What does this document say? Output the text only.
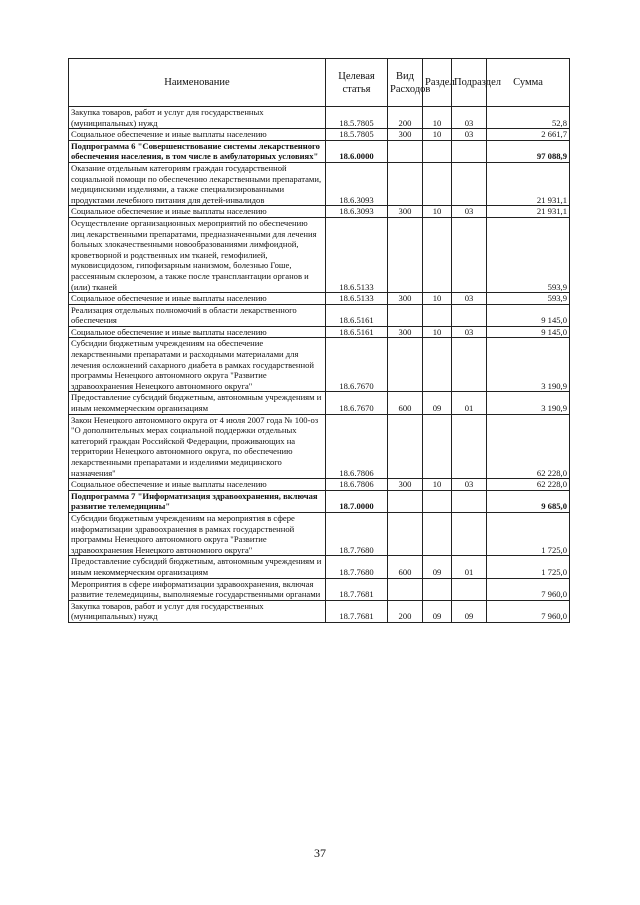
Наименование	Целевая статья	Вид Расходов	Раздел	Подраздел	Сумма
Закупка товаров, работ и услуг для государственных (муниципальных) нужд	18.5.7805	200	10	03	52,8
Социальное обеспечение и иные выплаты населению	18.5.7805	300	10	03	2 661,7
Подпрограмма 6 "Совершенствование системы лекарственного обеспечения населения, в том числе в амбулаторных условиях"	18.6.0000				97 088,9
Оказание отдельным категориям граждан государственной социальной помощи по обеспечению лекарственными препаратами, медицинскими изделиями, а также специализированными продуктами лечебного питания для детей-инвалидов	18.6.3093				21 931,1
Социальное обеспечение и иные выплаты населению	18.6.3093	300	10	03	21 931,1
Осуществление организационных мероприятий по обеспечению лиц лекарственными препаратами, предназначенными для лечения больных злокачественными новообразованиями лимфоидной, кроветворной и родственных им тканей, гемофилией, муковисцидозом, гипофизарным нанизмом, болезнью Гоше, рассеянным склерозом, а также после трансплантации органов и (или) тканей	18.6.5133				593,9
Социальное обеспечение и иные выплаты населению	18.6.5133	300	10	03	593,9
Реализация отдельных полномочий в области лекарственного обеспечения	18.6.5161				9 145,0
Социальное обеспечение и иные выплаты населению	18.6.5161	300	10	03	9 145,0
Субсидии бюджетным учреждениям на обеспечение лекарственными препаратами и расходными материалами для лечения осложнений сахарного диабета в рамках государственной программы Ненецкого автономного округа "Развитие здравоохранения Ненецкого автономного округа"	18.6.7670				3 190,9
Предоставление субсидий бюджетным, автономным учреждениям и иным некоммерческим организациям	18.6.7670	600	09	01	3 190,9
Закон Ненецкого автономного округа от 4 июля 2007 года № 100-оз "О дополнительных мерах социальной поддержки отдельных категорий граждан Российской Федерации, проживающих на территории Ненецкого автономного округа, по обеспечению лекарственными препаратами и изделиями медицинского назначения"	18.6.7806				62 228,0
Социальное обеспечение и иные выплаты населению	18.6.7806	300	10	03	62 228,0
Подпрограмма 7 "Информатизация здравоохранения, включая развитие телемедицины"	18.7.0000				9 685,0
Субсидии бюджетным учреждениям на мероприятия в сфере информатизации здравоохранения в рамках государственной программы Ненецкого автономного округа "Развитие здравоохранения Ненецкого автономного округа"	18.7.7680				1 725,0
Предоставление субсидий бюджетным, автономным учреждениям и иным некоммерческим организациям	18.7.7680	600	09	01	1 725,0
Мероприятия в сфере информатизации здравоохранения, включая развитие телемедицины, выполняемые государственными органами	18.7.7681				7 960,0
Закупка товаров, работ и услуг для государственных (муниципальных) нужд	18.7.7681	200	09	09	7 960,0
37
